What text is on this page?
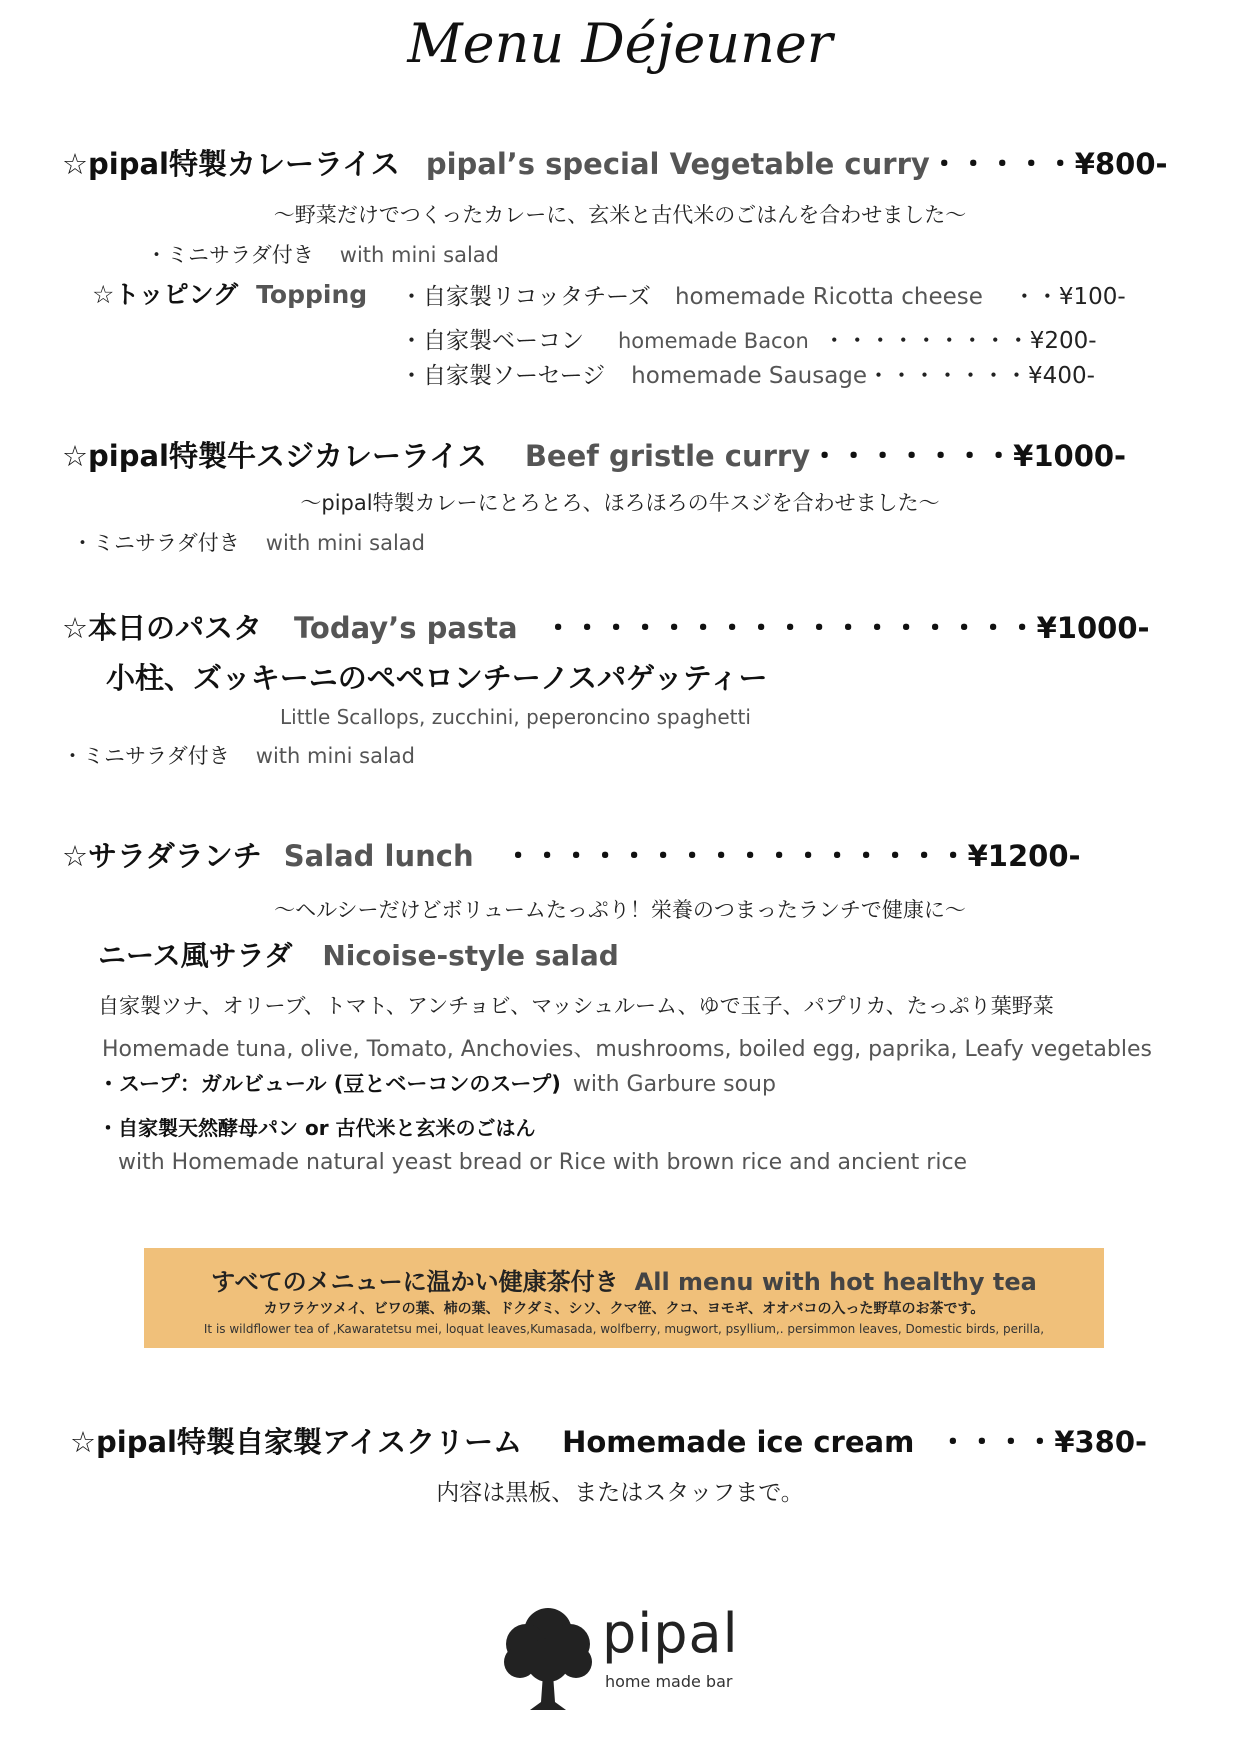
Menu Déjeuner
☆pipal特製カレーライス pipal’s special Vegetable curry・・・・・¥800-
〜野菜だけでつくったカレーに、玄米と古代米のごはんを合わせました〜
・ミニサラダ付き with mini salad
☆トッピング Topping ・自家製リコッタチーズ homemade Ricotta cheese ・・¥100-
・自家製ベーコン homemade Bacon ・・・・・・・・・¥200-
・自家製ソーセージ homemade Sausage・・・・・・・¥400-
☆pipal特製牛スジカレーライス Beef gristle curry・・・・・・・¥1000-
〜pipal特製カレーにとろとろ、ほろほろの牛スジを合わせました〜
・ミニサラダ付き with mini salad
☆本日のパスタ Today’s pasta ・・・・・・・・・・・・・・・・・¥1000-
小柱、ズッキーニのペペロンチーノスパゲッティー
Little Scallops, zucchini, peperoncino spaghetti
・ミニサラダ付き with mini salad
☆サラダランチ Salad lunch ・・・・・・・・・・・・・・・・¥1200-
〜ヘルシーだけどボリュームたっぷり！栄養のつまったランチで健康に〜
ニース風サラダ Nicoise-style salad
自家製ツナ、オリーブ、トマト、アンチョビ、マッシュルーム、ゆで玉子、パプリカ、たっぷり葉野菜
Homemade tuna, olive, Tomato, Anchovies、mushrooms, boiled egg, paprika, Leafy vegetables
・スープ：ガルビュール (豆とベーコンのスープ) with Garbure soup
・自家製天然酵母パン or 古代米と玄米のごはん
with Homemade natural yeast bread or Rice with brown rice and ancient rice
すべてのメニューに温かい健康茶付き All menu with hot healthy tea
カワラケツメイ、ビワの葉、柿の葉、ドクダミ、シソ、クマ笹、クコ、ヨモギ、オオバコの入った野草のお茶です。
It is wildflower tea of ,Kawaratetsu mei, loquat leaves,Kumasada, wolfberry, mugwort, psyllium,. persimmon leaves, Domestic birds, perilla,
☆pipal特製自家製アイスクリーム Homemade ice cream ・・・・¥380-
内容は黒板、またはスタッフまで。
pipal
home made bar
